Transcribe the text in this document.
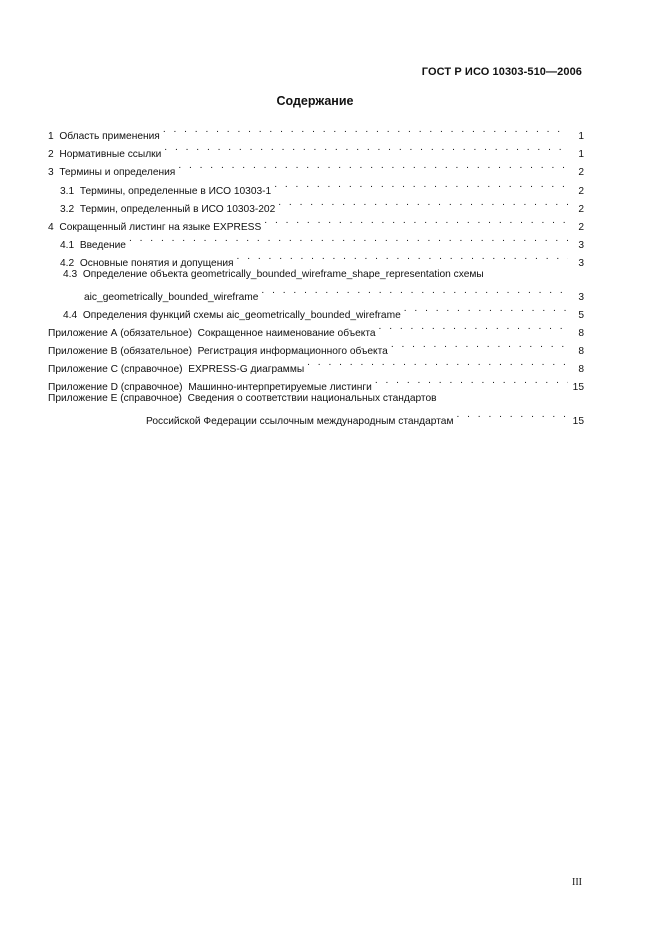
ГОСТ Р ИСО 10303-510—2006
Содержание
1 Область применения . . .	1
2 Нормативные ссылки . . .	1
3 Термины и определения . . .	2
3.1 Термины, определенные в ИСО 10303-1 . . .	2
3.2 Термин, определенный в ИСО 10303-202 . . .	2
4 Сокращенный листинг на языке EXPRESS . . .	2
4.1 Введение . . .	3
4.2 Основные понятия и допущения . . .	3
4.3 Определение объекта geometrically_bounded_wireframe_shape_representation схемы
aic_geometrically_bounded_wireframe . . .	3
4.4 Определения функций схемы aic_geometrically_bounded_wireframe . . .	5
Приложение А (обязательное) Сокращенное наименование объекта . . .	8
Приложение В (обязательное) Регистрация информационного объекта . . .	8
Приложение С (справочное) EXPRESS-G диаграммы . . .	8
Приложение D (справочное) Машинно-интерпретируемые листинги . . .	15
Приложение Е (справочное) Сведения о соответствии национальных стандартов
Российской Федерации ссылочным международным стандартам . . .	15
III
